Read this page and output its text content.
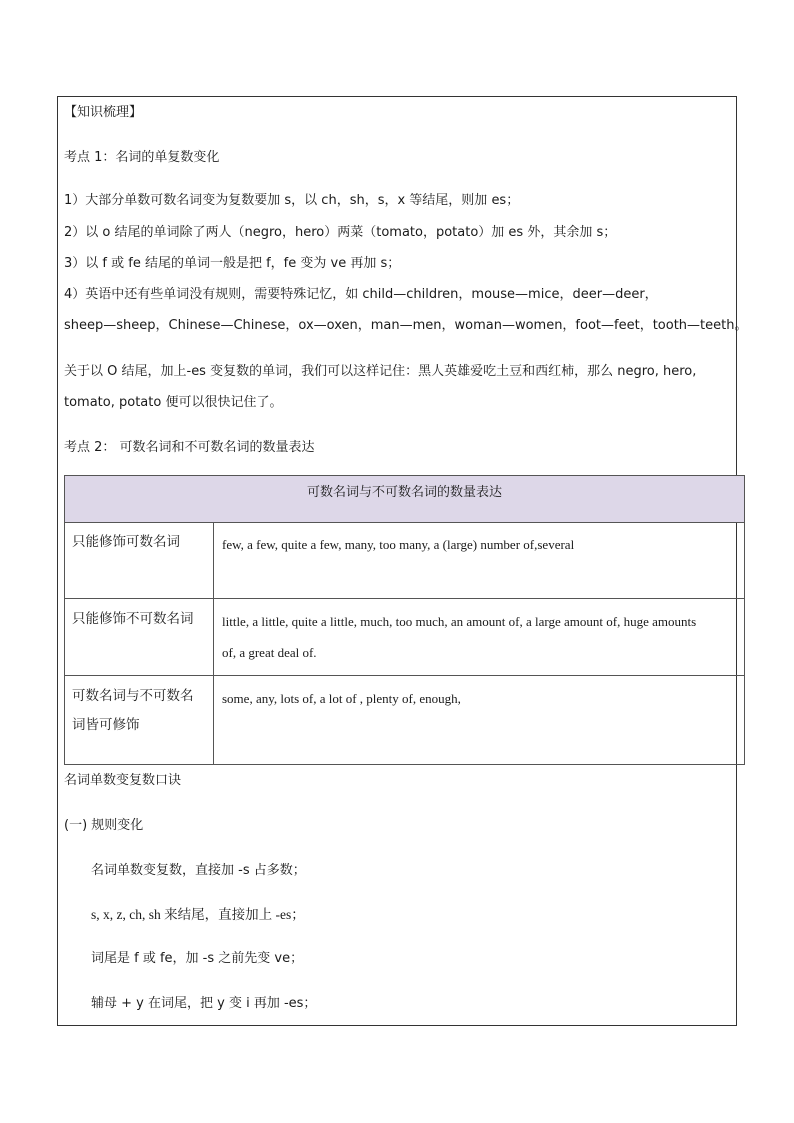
【知识梳理】
考点 1：名词的单复数变化
1）大部分单数可数名词变为复数要加 s，以 ch，sh，s，x 等结尾，则加 es；
2）以 o 结尾的单词除了两人（negro，hero）两菜（tomato，potato）加 es 外，其余加 s；
3）以 f 或 fe 结尾的单词一般是把 f，fe 变为 ve 再加 s；
4）英语中还有些单词没有规则，需要特殊记忆，如 child—children，mouse—mice，deer—deer，
sheep—sheep，Chinese—Chinese，ox—oxen，man—men，woman—women，foot—feet，tooth—teeth。
关于以 O 结尾，加上-es 变复数的单词，我们可以这样记住：黑人英雄爱吃土豆和西红柿，那么 negro, hero,
tomato, potato 便可以很快记住了。
考点 2： 可数名词和不可数名词的数量表达
可数名词与不可数名词的数量表达
只能修饰可数名词	few, a few, quite a few, many, too many, a (large) number of,several
只能修饰不可数名词	little, a little, quite a little, much, too much, an amount of, a large amount of, huge amounts
of, a great deal of.
可数名词与不可数名
词皆可修饰
some, any, lots of, a lot of , plenty of, enough,
名词单数变复数口诀
(一) 规则变化
名词单数变复数，直接加 -s 占多数；
s, x, z, ch, sh 来结尾，直接加上 -es；
词尾是 f 或 fe，加 -s 之前先变 ve；
辅母 + y 在词尾，把 y 变 i 再加 -es；
